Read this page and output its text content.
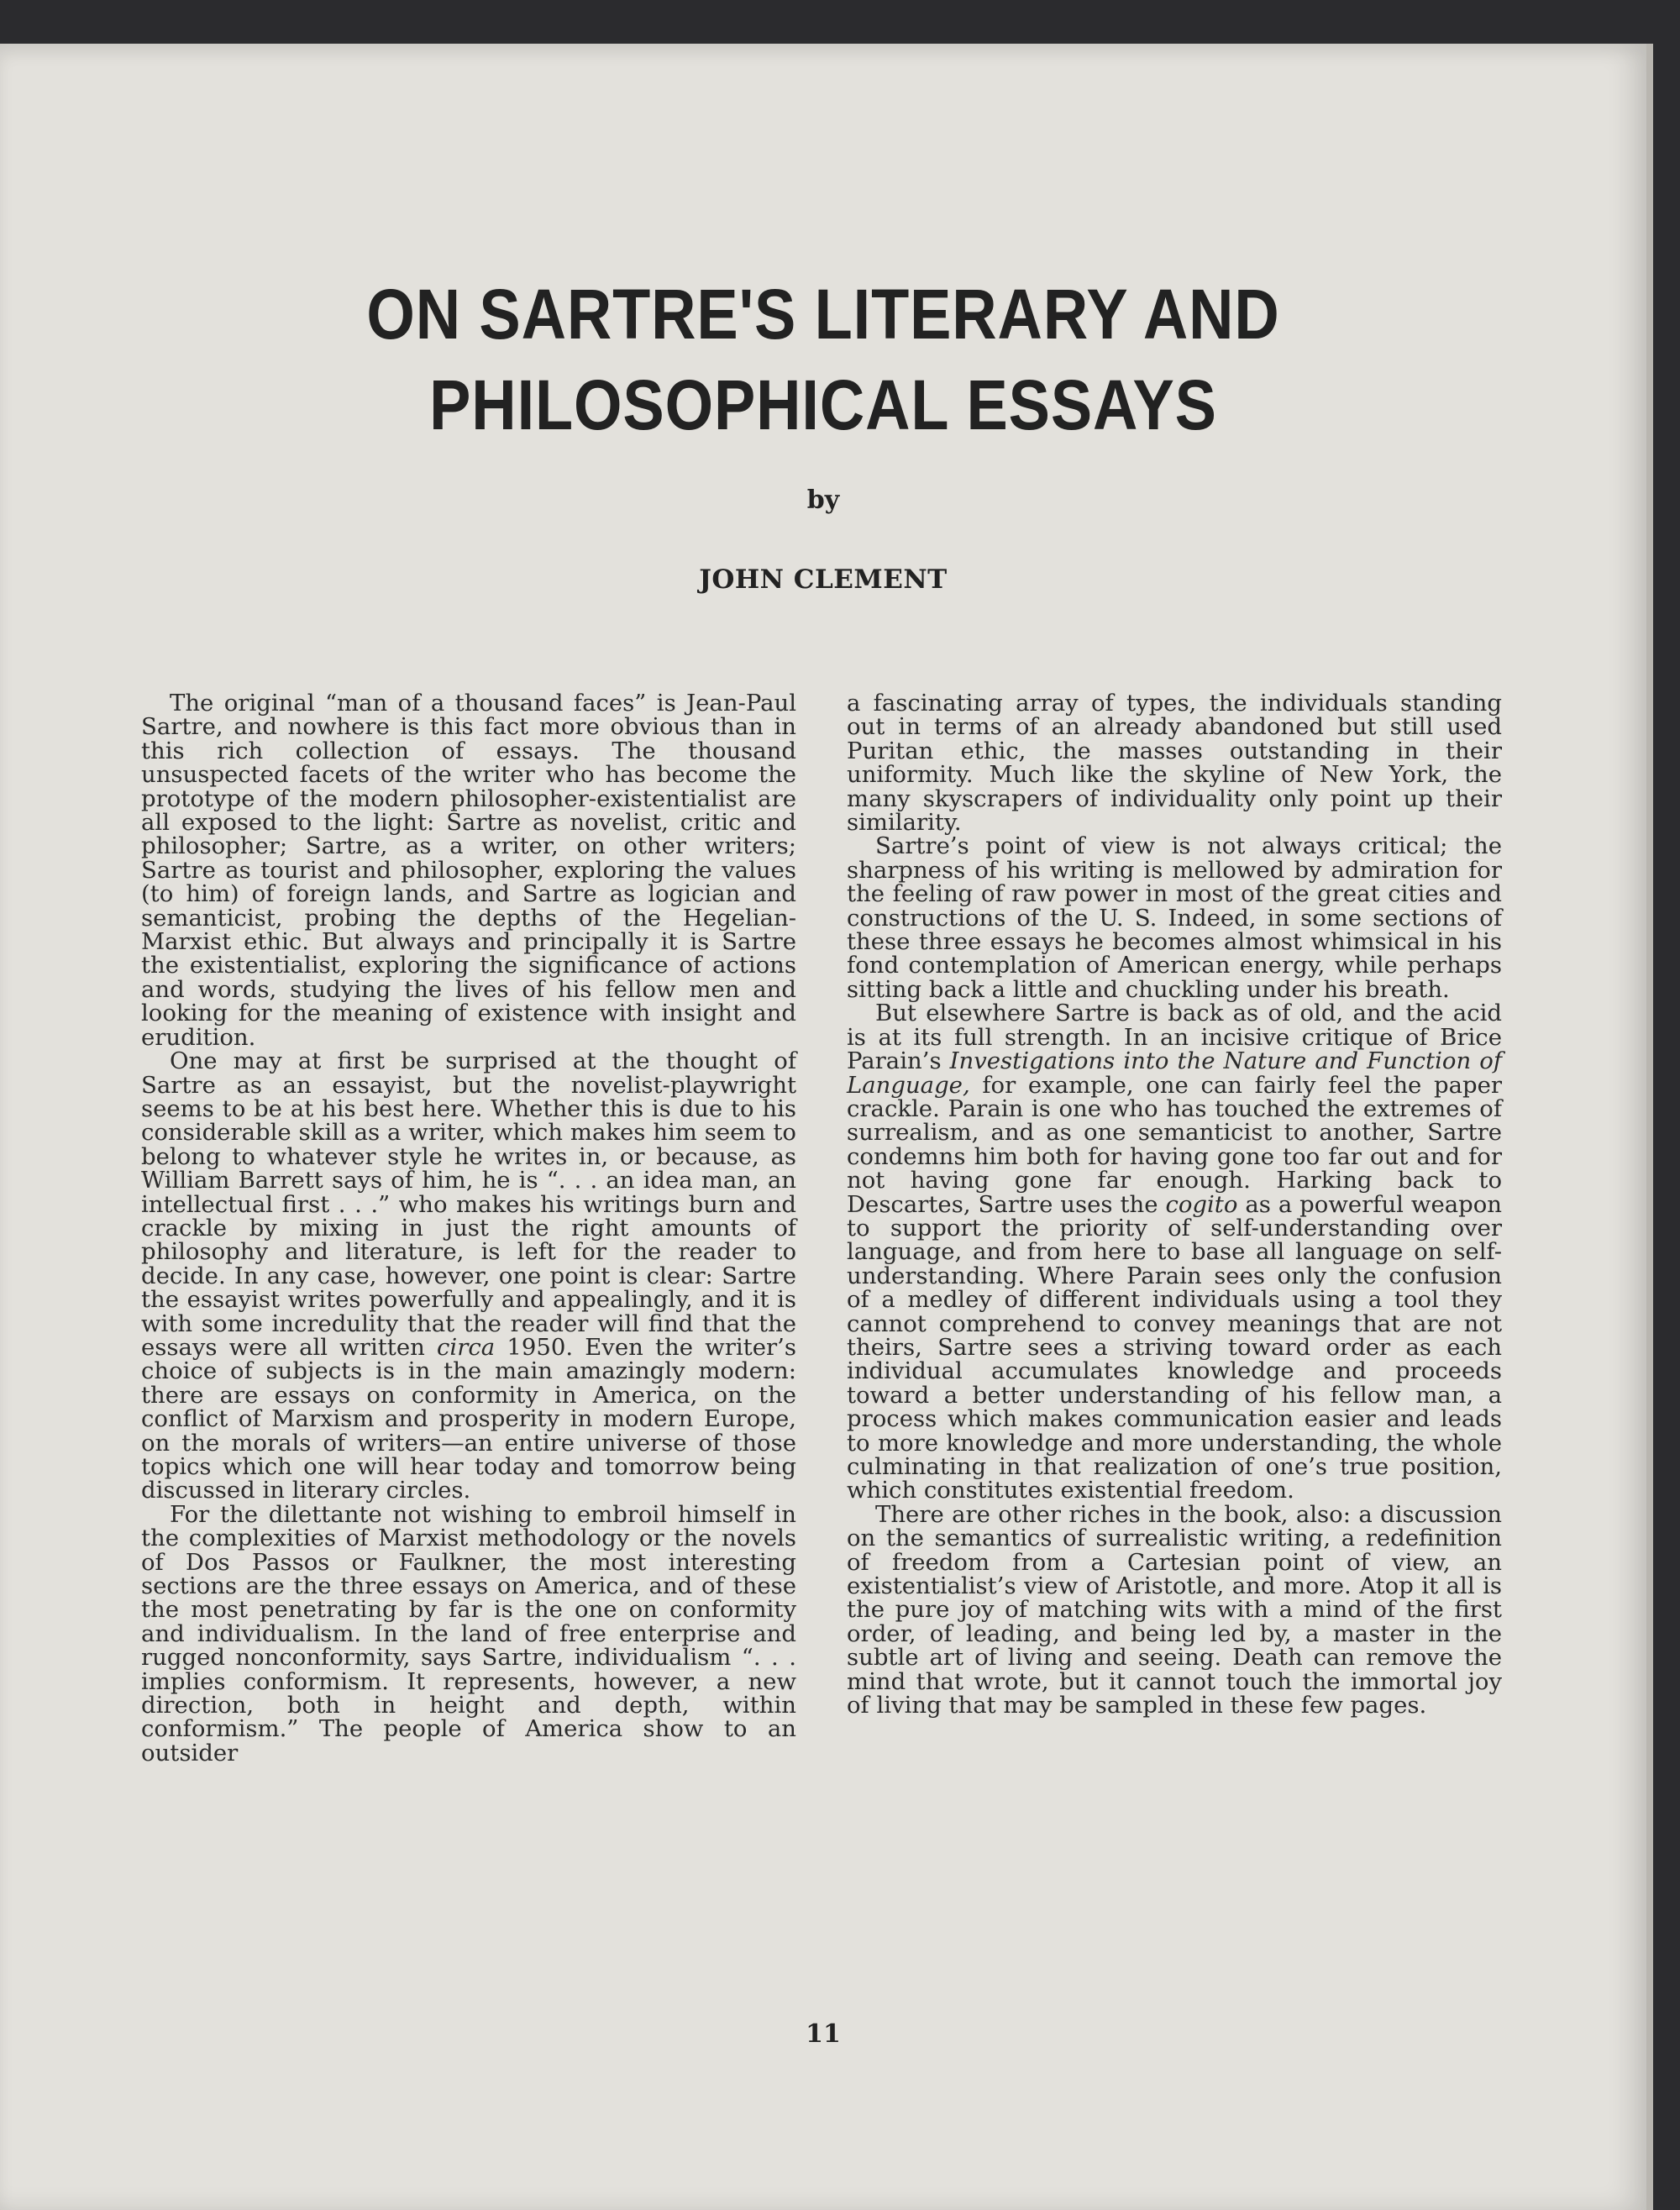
ON SARTRE'S LITERARY AND PHILOSOPHICAL ESSAYS
by
JOHN CLEMENT

The original “man of a thousand faces” is Jean-Paul Sartre, and nowhere is this fact more obvious than in this rich collection of essays. The thousand unsuspected facets of the writer who has become the prototype of the modern philosopher-existentialist are all exposed to the light: Sartre as novelist, critic and philosopher; Sartre, as a writer, on other writers; Sartre as tourist and philosopher, exploring the values (to him) of foreign lands, and Sartre as logician and semanticist, probing the depths of the Hegelian-Marxist ethic. But always and principally it is Sartre the existentialist, exploring the significance of actions and words, studying the lives of his fellow men and looking for the meaning of existence with insight and erudition.

One may at first be surprised at the thought of Sartre as an essayist, but the novelist-playwright seems to be at his best here. Whether this is due to his considerable skill as a writer, which makes him seem to belong to whatever style he writes in, or because, as William Barrett says of him, he is “. . . an idea man, an intellectual first . . .” who makes his writings burn and crackle by mixing in just the right amounts of philosophy and literature, is left for the reader to decide. In any case, however, one point is clear: Sartre the essayist writes powerfully and appealingly, and it is with some incredulity that the reader will find that the essays were all written circa 1950. Even the writer’s choice of subjects is in the main amazingly modern: there are essays on conformity in America, on the conflict of Marxism and prosperity in modern Europe, on the morals of writers—an entire universe of those topics which one will hear today and tomorrow being discussed in literary circles.

For the dilettante not wishing to embroil himself in the complexities of Marxist methodology or the novels of Dos Passos or Faulkner, the most interesting sections are the three essays on America, and of these the most penetrating by far is the one on conformity and individualism. In the land of free enterprise and rugged nonconformity, says Sartre, individualism “. . . implies conformism. It represents, however, a new direction, both in height and depth, within conformism.” The people of America show to an outsider

a fascinating array of types, the individuals standing out in terms of an already abandoned but still used Puritan ethic, the masses outstanding in their uniformity. Much like the skyline of New York, the many skyscrapers of individuality only point up their similarity.

Sartre’s point of view is not always critical; the sharpness of his writing is mellowed by admiration for the feeling of raw power in most of the great cities and constructions of the U. S. Indeed, in some sections of these three essays he becomes almost whimsical in his fond contemplation of American energy, while perhaps sitting back a little and chuckling under his breath.

But elsewhere Sartre is back as of old, and the acid is at its full strength. In an incisive critique of Brice Parain’s Investigations into the Nature and Function of Language, for example, one can fairly feel the paper crackle. Parain is one who has touched the extremes of surrealism, and as one semanticist to another, Sartre condemns him both for having gone too far out and for not having gone far enough. Harking back to Descartes, Sartre uses the cogito as a powerful weapon to support the priority of self-understanding over language, and from here to base all language on self-understanding. Where Parain sees only the confusion of a medley of different individuals using a tool they cannot comprehend to convey meanings that are not theirs, Sartre sees a striving toward order as each individual accumulates knowledge and proceeds toward a better understanding of his fellow man, a process which makes communication easier and leads to more knowledge and more understanding, the whole culminating in that realization of one’s true position, which constitutes existential freedom.

There are other riches in the book, also: a discussion on the semantics of surrealistic writing, a redefinition of freedom from a Cartesian point of view, an existentialist’s view of Aristotle, and more. Atop it all is the pure joy of matching wits with a mind of the first order, of leading, and being led by, a master in the subtle art of living and seeing. Death can remove the mind that wrote, but it cannot touch the immortal joy of living that may be sampled in these few pages.

11
